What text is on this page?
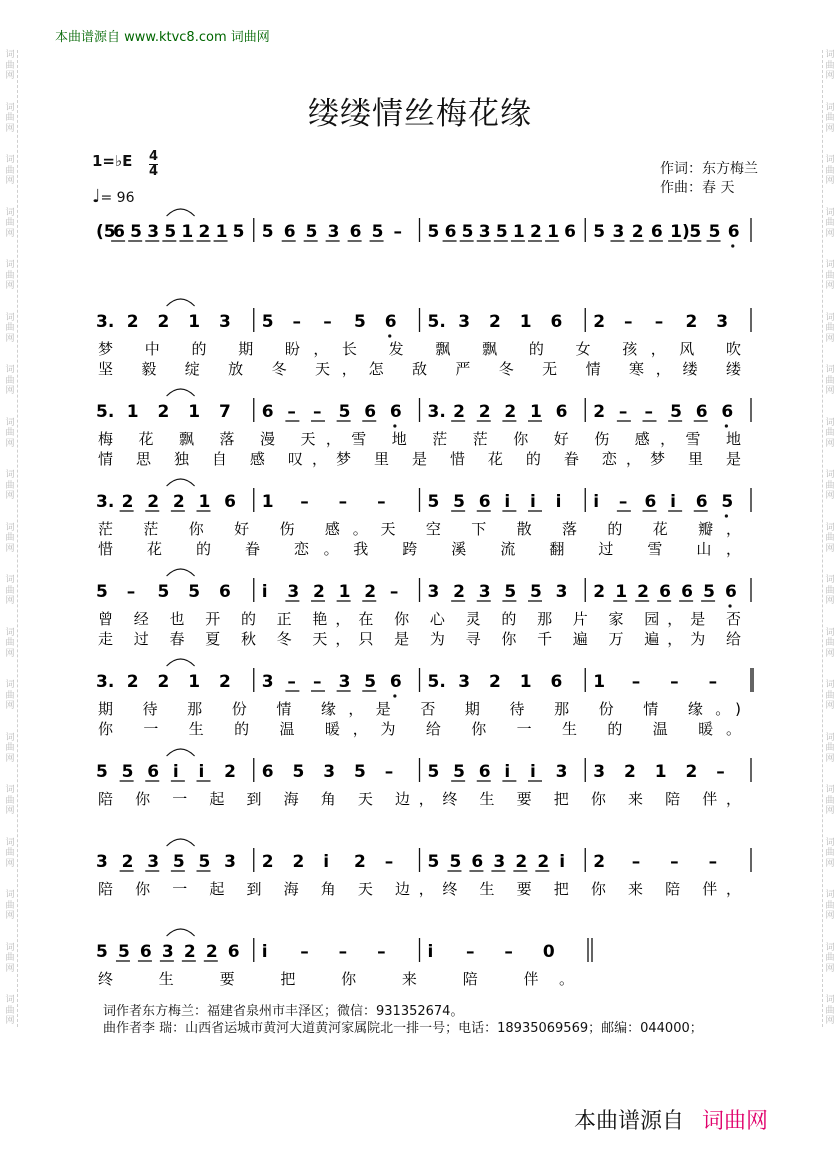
词
曲
网

词
曲
网

词
曲
网

词
曲
网

词
曲
网

词
曲
网

词
曲
网

词
曲
网

词
曲
网

词
曲
网

词
曲
网

词
曲
网

词
曲
网

词
曲
网

词
曲
网

词
曲
网

词
曲
网

词
曲
网

词
曲
网
词
曲
网

词
曲
网

词
曲
网

词
曲
网

词
曲
网

词
曲
网

词
曲
网

词
曲
网

词
曲
网

词
曲
网

词
曲
网

词
曲
网

词
曲
网

词
曲
网

词
曲
网

词
曲
网

词
曲
网

词
曲
网

词
曲
网
本曲谱源自 www.ktvc8.com 词曲网
缕缕情丝梅花缘
1=♭E $\frac{4}{4}$
♩= 96
作词：东方梅兰
作曲：春 天
(5
6 5 3 5 1 2 1 5 5 6 5 3 6 5 – 5 6 5 3 5 1 2 1 6 5 3 2 6 1) 5 5 6
3. 2 2 1 3 5 – – 5 6 5. 3 2 1 6 2 – – 2 3
梦 中 的 期 盼，长 发 飘 飘 的 女 孩，风 吹
坚 毅 绽 放 冬 天，怎 敌 严 冬 无 情 寒，缕 缕
5. 1 2 1 7 6 – – 5 6 6 3. 2 2 2 1 6 2 – – 5 6 6
梅 花 飘 落 漫 天，雪 地 茫 茫 你 好 伤 感，雪 地
情 思 独 自 感 叹，梦 里 是 惜 花 的 眷 恋，梦 里 是
3. 2 2 2 1 6 1 – – – 5 5 6 i i i i – 6 i 6 5
茫 茫 你 好 伤 感。天 空 下 散 落 的 花 瓣，
惜 花 的 眷 恋。我 跨 溪 流 翻 过 雪 山，
5 – 5 5 6 i 3 2 1 2 – 3 2 3 5 5 3 2 1 2 6 6 5 6
曾 经 也 开 的 正 艳，在 你 心 灵 的 那 片 家 园，是 否
走 过 春 夏 秋 冬 天，只 是 为 寻 你 千 遍 万 遍，为 给
3. 2 2 1 2 3 – – 3 5 6 5. 3 2 1 6 1 – – –
期 待 那 份 情 缘，是 否 期 待 那 份 情 缘。)
你 一 生 的 温 暖，为 给 你 一 生 的 温 暖。
5 5 6 i i 2 6 5 3 5 – 5 5 6 i i 3 3 2 1 2 –
陪 你 一 起 到 海 角 天 边，终 生 要 把 你 来 陪 伴，
3 2 3 5 5 3 2 2 i 2 – 5 5 6 3 2 2 i 2 – – –
陪 你 一 起 到 海 角 天 边，终 生 要 把 你 来 陪 伴，
5 5 6 3 2 2 6 i – – – i – – 0
终 生 要 把 你 来 陪 伴。
词作者东方梅兰：福建省泉州市丰泽区；微信：931352674。
曲作者李 瑞：山西省运城市黄河大道黄河家属院北一排一号；电话：18935069569；邮编：044000；
本曲谱源自 词曲网
